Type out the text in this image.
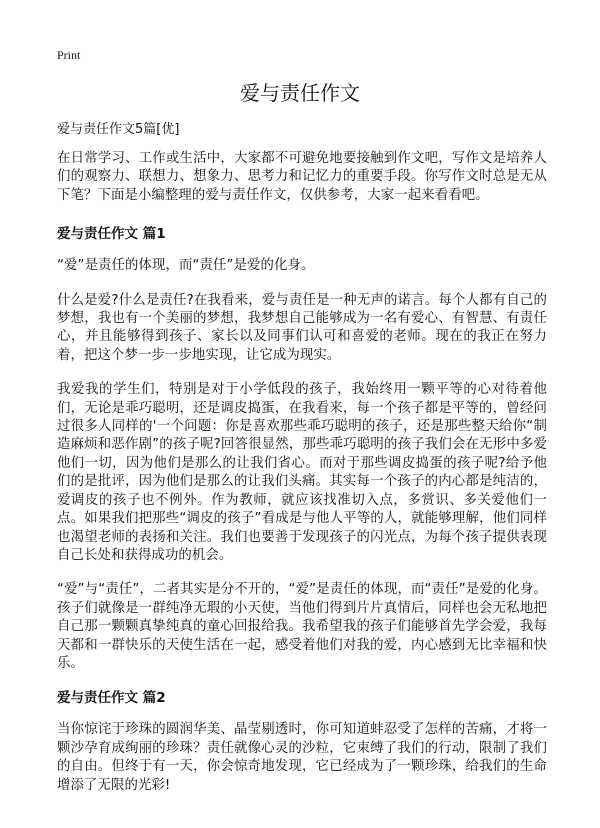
Print
爱与责任作文

爱与责任作文5篇[优]

在日常学习、工作或生活中，大家都不可避免地要接触到作文吧，写作文是培养人们的观察力、联想力、想象力、思考力和记忆力的重要手段。你写作文时总是无从下笔？下面是小编整理的爱与责任作文，仅供参考，大家一起来看看吧。

爱与责任作文 篇1

“爱”是责任的体现，而“责任”是爱的化身。

什么是爱?什么是责任?在我看来，爱与责任是一种无声的诺言。每个人都有自己的梦想，我也有一个美丽的梦想，我梦想自己能够成为一名有爱心、有智慧、有责任心，并且能够得到孩子、家长以及同事们认可和喜爱的老师。现在的我正在努力着，把这个梦一步一步地实现，让它成为现实。

我爱我的学生们，特别是对于小学低段的孩子，我始终用一颗平等的心对待着他们，无论是乖巧聪明，还是调皮捣蛋，在我看来，每一个孩子都是平等的，曾经问过很多人同样的'一个问题：你是喜欢那些乖巧聪明的孩子，还是那些整天给你“制造麻烦和恶作剧”的孩子呢?回答很显然，那些乖巧聪明的孩子我们会在无形中多爱他们一切，因为他们是那么的让我们省心。而对于那些调皮捣蛋的孩子呢?给予他们的是批评，因为他们是那么的让我们头痛。其实每一个孩子的内心都是纯洁的，爱调皮的孩子也不例外。作为教师，就应该找准切入点，多赏识、多关爱他们一点。如果我们把那些“调皮的孩子”看成是与他人平等的人，就能够理解，他们同样也渴望老师的表扬和关注。我们也要善于发现孩子的闪光点，为每个孩子提供表现自己长处和获得成功的机会。

“爱”与“责任”，二者其实是分不开的，“爱”是责任的体现，而“责任”是爱的化身。孩子们就像是一群纯净无瑕的小天使，当他们得到片片真情后，同样也会无私地把自己那一颗颗真挚纯真的童心回报给我。我希望我的孩子们能够首先学会爱，我每天都和一群快乐的天使生活在一起，感受着他们对我的爱，内心感到无比幸福和快乐。

爱与责任作文 篇2

当你惊诧于珍珠的圆润华美、晶莹剔透时，你可知道蚌忍受了怎样的苦痛，才将一颗沙孕育成绚丽的珍珠？责任就像心灵的沙粒，它束缚了我们的行动，限制了我们的自由。但终于有一天，你会惊奇地发现，它已经成为了一颗珍珠，给我们的生命增添了无限的光彩!
